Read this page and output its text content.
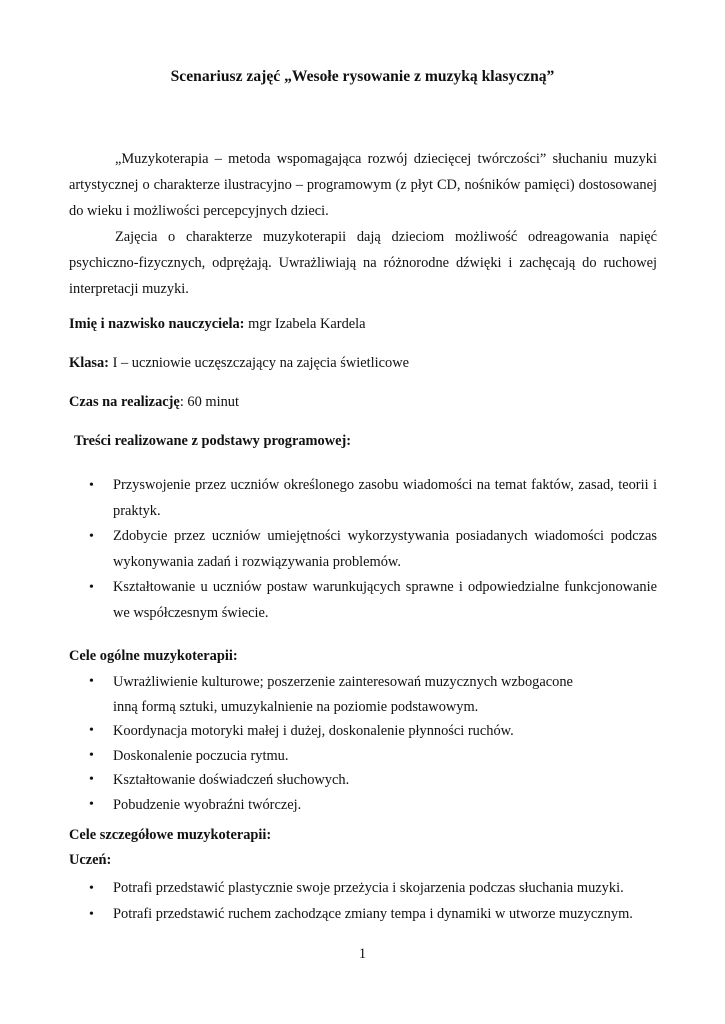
Scenariusz zajęć „Wesołe rysowanie z muzyką klasyczną”

„Muzykoterapia – metoda wspomagająca rozwój dziecięcej twórczości” słuchaniu muzyki artystycznej o charakterze ilustracyjno – programowym (z płyt CD, nośników pamięci) dostosowanej do wieku i możliwości percepcyjnych dzieci.

Zajęcia o charakterze muzykoterapii dają dzieciom możliwość odreagowania napięć psychiczno-fizycznych, odprężają. Uwrażliwiają na różnorodne dźwięki i zachęcają do ruchowej interpretacji muzyki.

Imię i nazwisko nauczyciela: mgr Izabela Kardela
Klasa: I – uczniowie uczęszczający na zajęcia świetlicowe
Czas na realizację: 60 minut
Treści realizowane z podstawy programowej:
• Przyswojenie przez uczniów określonego zasobu wiadomości na temat faktów, zasad, teorii i praktyk.
• Zdobycie przez uczniów umiejętności wykorzystywania posiadanych wiadomości podczas wykonywania zadań i rozwiązywania problemów.
• Kształtowanie u uczniów postaw warunkujących sprawne i odpowiedzialne funkcjonowanie we współczesnym świecie.
Cele ogólne muzykoterapii:
• Uwrażliwienie kulturowe; poszerzenie zainteresowań muzycznych wzbogacone
inną formą sztuki, umuzykalnienie na poziomie podstawowym.
• Koordynacja motoryki małej i dużej, doskonalenie płynności ruchów.
• Doskonalenie poczucia rytmu.
• Kształtowanie doświadczeń słuchowych.
• Pobudzenie wyobraźni twórczej.
Cele szczegółowe muzykoterapii:
Uczeń:
• Potrafi przedstawić plastycznie swoje przeżycia i skojarzenia podczas słuchania muzyki.
• Potrafi przedstawić ruchem zachodzące zmiany tempa i dynamiki w utworze muzycznym.
1
